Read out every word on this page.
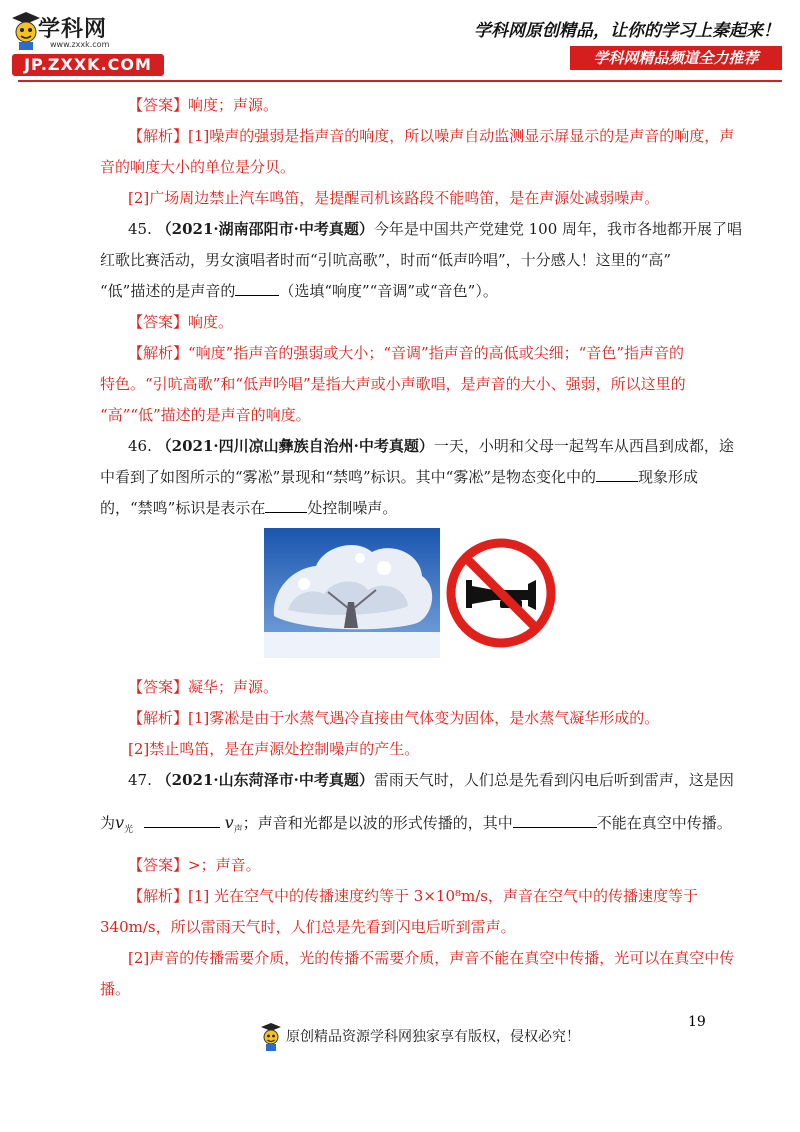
学科网
www.zxxk.com
JP.ZXXK.COM
学科网原创精品，让你的学习上秦起来！
学科网精品频道全力推荐
【答案】响度；声源。
【解析】[1]噪声的强弱是指声音的响度，所以噪声自动监测显示屏显示的是声音的响度，声
音的响度大小的单位是分贝。
[2]广场周边禁止汽车鸣笛，是提醒司机该路段不能鸣笛，是在声源处减弱噪声。
45. （2021·湖南邵阳市·中考真题）今年是中国共产党建党 100 周年，我市各地都开展了唱
红歌比赛活动，男女演唱者时而“引吭高歌”，时而“低声吟唱”，十分感人！这里的“高”
“低”描述的是声音的	（选填“响度”“音调”或“音色”）。
【答案】响度。
【解析】“响度”指声音的强弱或大小；“音调”指声音的高低或尖细；“音色”指声音的
特色。“引吭高歌”和“低声吟唱”是指大声或小声歌唱，是声音的大小、强弱，所以这里的
“高”“低”描述的是声音的响度。
46. （2021·四川凉山彝族自治州·中考真题）一天，小明和父母一起驾车从西昌到成都，途
中看到了如图所示的“雾凇”景现和“禁鸣”标识。其中“雾凇”是物态变化中的	现象形成
的，“禁鸣”标识是表示在	处控制噪声。
【答案】凝华；声源。
【解析】[1]雾凇是由于水蒸气遇冷直接由气体变为固体，是水蒸气凝华形成的。
[2]禁止鸣笛，是在声源处控制噪声的产生。
47. （2021·山东菏泽市·中考真题）雷雨天气时，人们总是先看到闪电后听到雷声，这是因
为$v_光$	$v_声$；声音和光都是以波的形式传播的，其中	不能在真空中传播。
【答案】>；声音。
【解析】[1] 光在空气中的传播速度约等于 3×10⁸m/s，声音在空气中的传播速度等于
340m/s，所以雷雨天气时，人们总是先看到闪电后听到雷声。
[2]声音的传播需要介质，光的传播不需要介质，声音不能在真空中传播，光可以在真空中传
播。
19
原创精品资源学科网独家享有版权，侵权必究！
